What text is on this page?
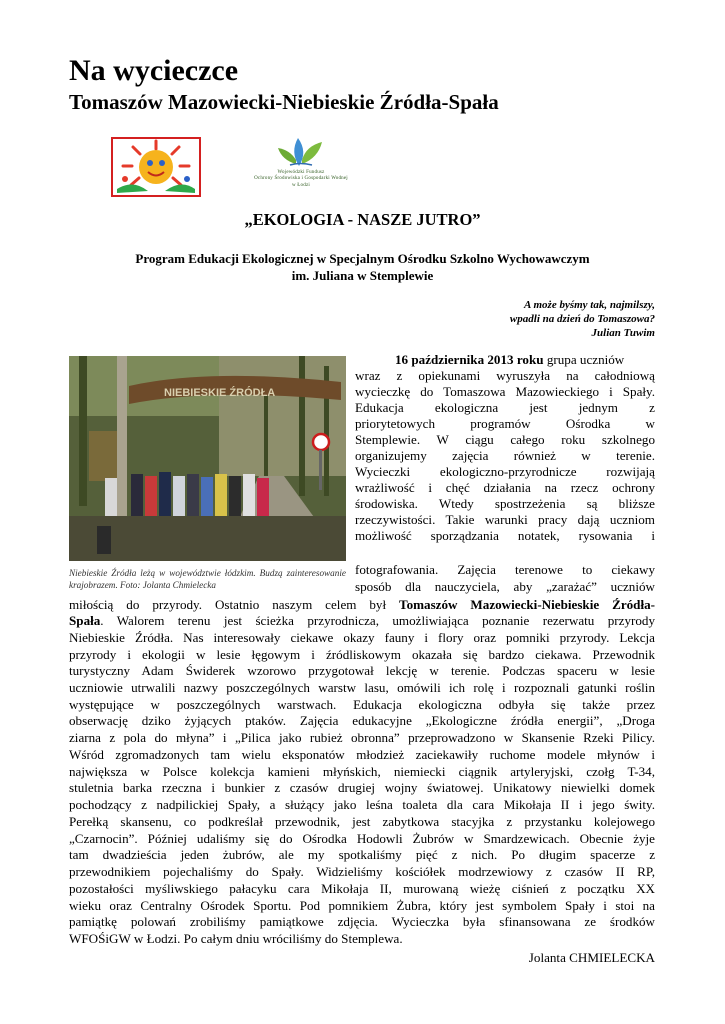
Na wycieczce
Tomaszów Mazowiecki-Niebieskie Źródła-Spała
Wojewódzki Fundusz
Ochrony Środowiska i Gospodarki Wodnej
w Łodzi
„EKOLOGIA - NASZE JUTRO”
Program Edukacji Ekologicznej w Specjalnym Ośrodku Szkolno Wychowawczym
im. Juliana w Stemplewie
A może byśmy tak, najmilszy,
wpadli na dzień do Tomaszowa?
Julian Tuwim
NIEBIESKIE ŹRÓDŁA
Niebieskie Źródła leżą w województwie łódzkim. Budzą zainteresowanie krajobrazem. Foto: Jolanta Chmielecka
16 października 2013 roku grupa uczniów
wraz z opiekunami wyruszyła na całodniową
wycieczkę do Tomaszowa Mazowieckiego i Spały.
Edukacja ekologiczna jest jednym z
priorytetowych programów Ośrodka w
Stemplewie. W ciągu całego roku szkolnego
organizujemy zajęcia również w terenie.
Wycieczki ekologiczno-przyrodnicze rozwijają
wrażliwość i chęć działania na rzecz ochrony
środowiska. Wtedy spostrzeżenia są bliższe
rzeczywistości. Takie warunki pracy dają uczniom
możliwość sporządzania notatek, rysowania i
fotografowania. Zajęcia terenowe to ciekawy
sposób dla nauczyciela, aby „zarażać” uczniów
miłością do przyrody. Ostatnio naszym celem był Tomaszów Mazowiecki-Niebieskie Źródła-
Spała. Walorem terenu jest ścieżka przyrodnicza, umożliwiająca poznanie rezerwatu przyrody
Niebieskie Źródła. Nas interesowały ciekawe okazy fauny i flory oraz pomniki przyrody. Lekcja
przyrody i ekologii w lesie łęgowym i źródliskowym okazała się bardzo ciekawa. Przewodnik
turystyczny Adam Świderek wzorowo przygotował lekcję w terenie. Podczas spaceru w lesie
uczniowie utrwalili nazwy poszczególnych warstw lasu, omówili ich rolę i rozpoznali gatunki roślin
występujące w poszczególnych warstwach. Edukacja ekologiczna odbyła się także przez
obserwację dziko żyjących ptaków. Zajęcia edukacyjne „Ekologiczne źródła energii”, „Droga
ziarna z pola do młyna” i „Pilica jako rubież obronna” przeprowadzono w Skansenie Rzeki Pilicy.
Wśród zgromadzonych tam wielu eksponatów młodzież zaciekawiły ruchome modele młynów i
największa w Polsce kolekcja kamieni młyńskich, niemiecki ciągnik artyleryjski, czołg T-34,
stuletnia barka rzeczna i bunkier z czasów drugiej wojny światowej. Unikatowy niewielki domek
pochodzący z nadpilickiej Spały, a służący jako leśna toaleta dla cara Mikołaja II i jego świty.
Perełką skansenu, co podkreślał przewodnik, jest zabytkowa stacyjka z przystanku kolejowego
„Czarnocin”. Później udaliśmy się do Ośrodka Hodowli Żubrów w Smardzewicach. Obecnie żyje
tam dwadzieścia jeden żubrów, ale my spotkaliśmy pięć z nich. Po długim spacerze z
przewodnikiem pojechaliśmy do Spały. Widzieliśmy kościółek modrzewiowy z czasów II RP,
pozostałości myśliwskiego pałacyku cara Mikołaja II, murowaną wieżę ciśnień z początku XX
wieku oraz Centralny Ośrodek Sportu. Pod pomnikiem Żubra, który jest symbolem Spały i stoi na
pamiątkę polowań zrobiliśmy pamiątkowe zdjęcia. Wycieczka była sfinansowana ze środków
WFOŚiGW w Łodzi. Po całym dniu wróciliśmy do Stemplewa.
Jolanta CHMIELECKA
